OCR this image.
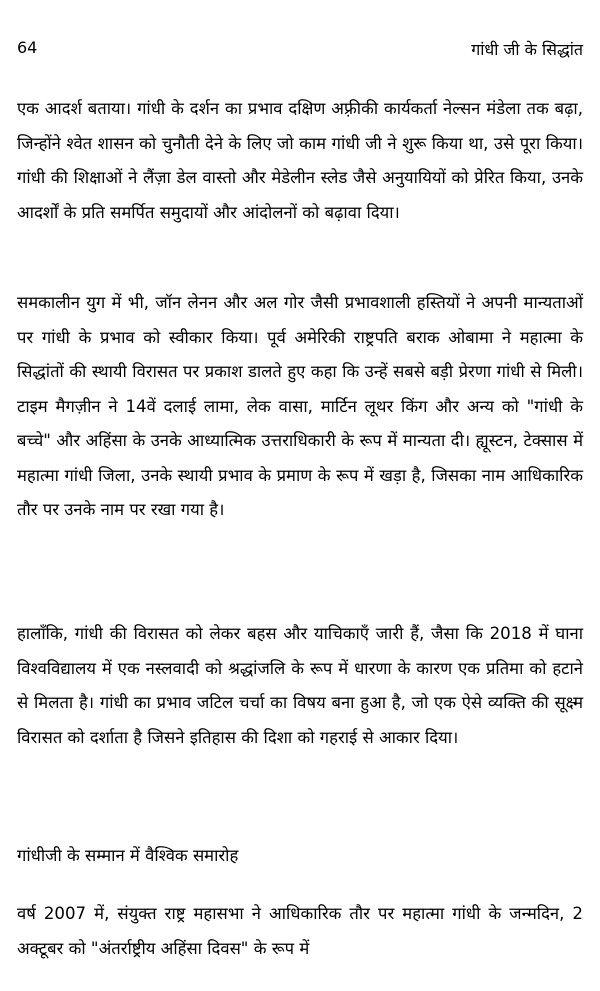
64	गांधी जी के सिद्धांत

एक आदर्श बताया। गांधी के दर्शन का प्रभाव दक्षिण अफ़्रीकी कार्यकर्ता नेल्सन मंडेला तक बढ़ा, जिन्होंने श्वेत शासन को चुनौती देने के लिए जो काम गांधी जी ने शुरू किया था, उसे पूरा किया। गांधी की शिक्षाओं ने लैंज़ा डेल वास्तो और मेडेलीन स्लेड जैसे अनुयायियों को प्रेरित किया, उनके आदर्शों के प्रति समर्पित समुदायों और आंदोलनों को बढ़ावा दिया।

समकालीन युग में भी, जॉन लेनन और अल गोर जैसी प्रभावशाली हस्तियों ने अपनी मान्यताओं पर गांधी के प्रभाव को स्वीकार किया। पूर्व अमेरिकी राष्ट्रपति बराक ओबामा ने महात्मा के सिद्धांतों की स्थायी विरासत पर प्रकाश डालते हुए कहा कि उन्हें सबसे बड़ी प्रेरणा गांधी से मिली। टाइम मैगज़ीन ने 14वें दलाई लामा, लेक वासा, मार्टिन लूथर किंग और अन्य को "गांधी के बच्चे" और अहिंसा के उनके आध्यात्मिक उत्तराधिकारी के रूप में मान्यता दी। ह्यूस्टन, टेक्सास में महात्मा गांधी जिला, उनके स्थायी प्रभाव के प्रमाण के रूप में खड़ा है, जिसका नाम आधिकारिक तौर पर उनके नाम पर रखा गया है।

हालाँकि, गांधी की विरासत को लेकर बहस और याचिकाएँ जारी हैं, जैसा कि 2018 में घाना विश्वविद्यालय में एक नस्लवादी को श्रद्धांजलि के रूप में धारणा के कारण एक प्रतिमा को हटाने से मिलता है। गांधी का प्रभाव जटिल चर्चा का विषय बना हुआ है, जो एक ऐसे व्यक्ति की सूक्ष्म विरासत को दर्शाता है जिसने इतिहास की दिशा को गहराई से आकार दिया।

गांधीजी के सम्मान में वैश्विक समारोह

वर्ष 2007 में, संयुक्त राष्ट्र महासभा ने आधिकारिक तौर पर महात्मा गांधी के जन्मदिन, 2 अक्टूबर को "अंतर्राष्ट्रीय अहिंसा दिवस" के रूप में
